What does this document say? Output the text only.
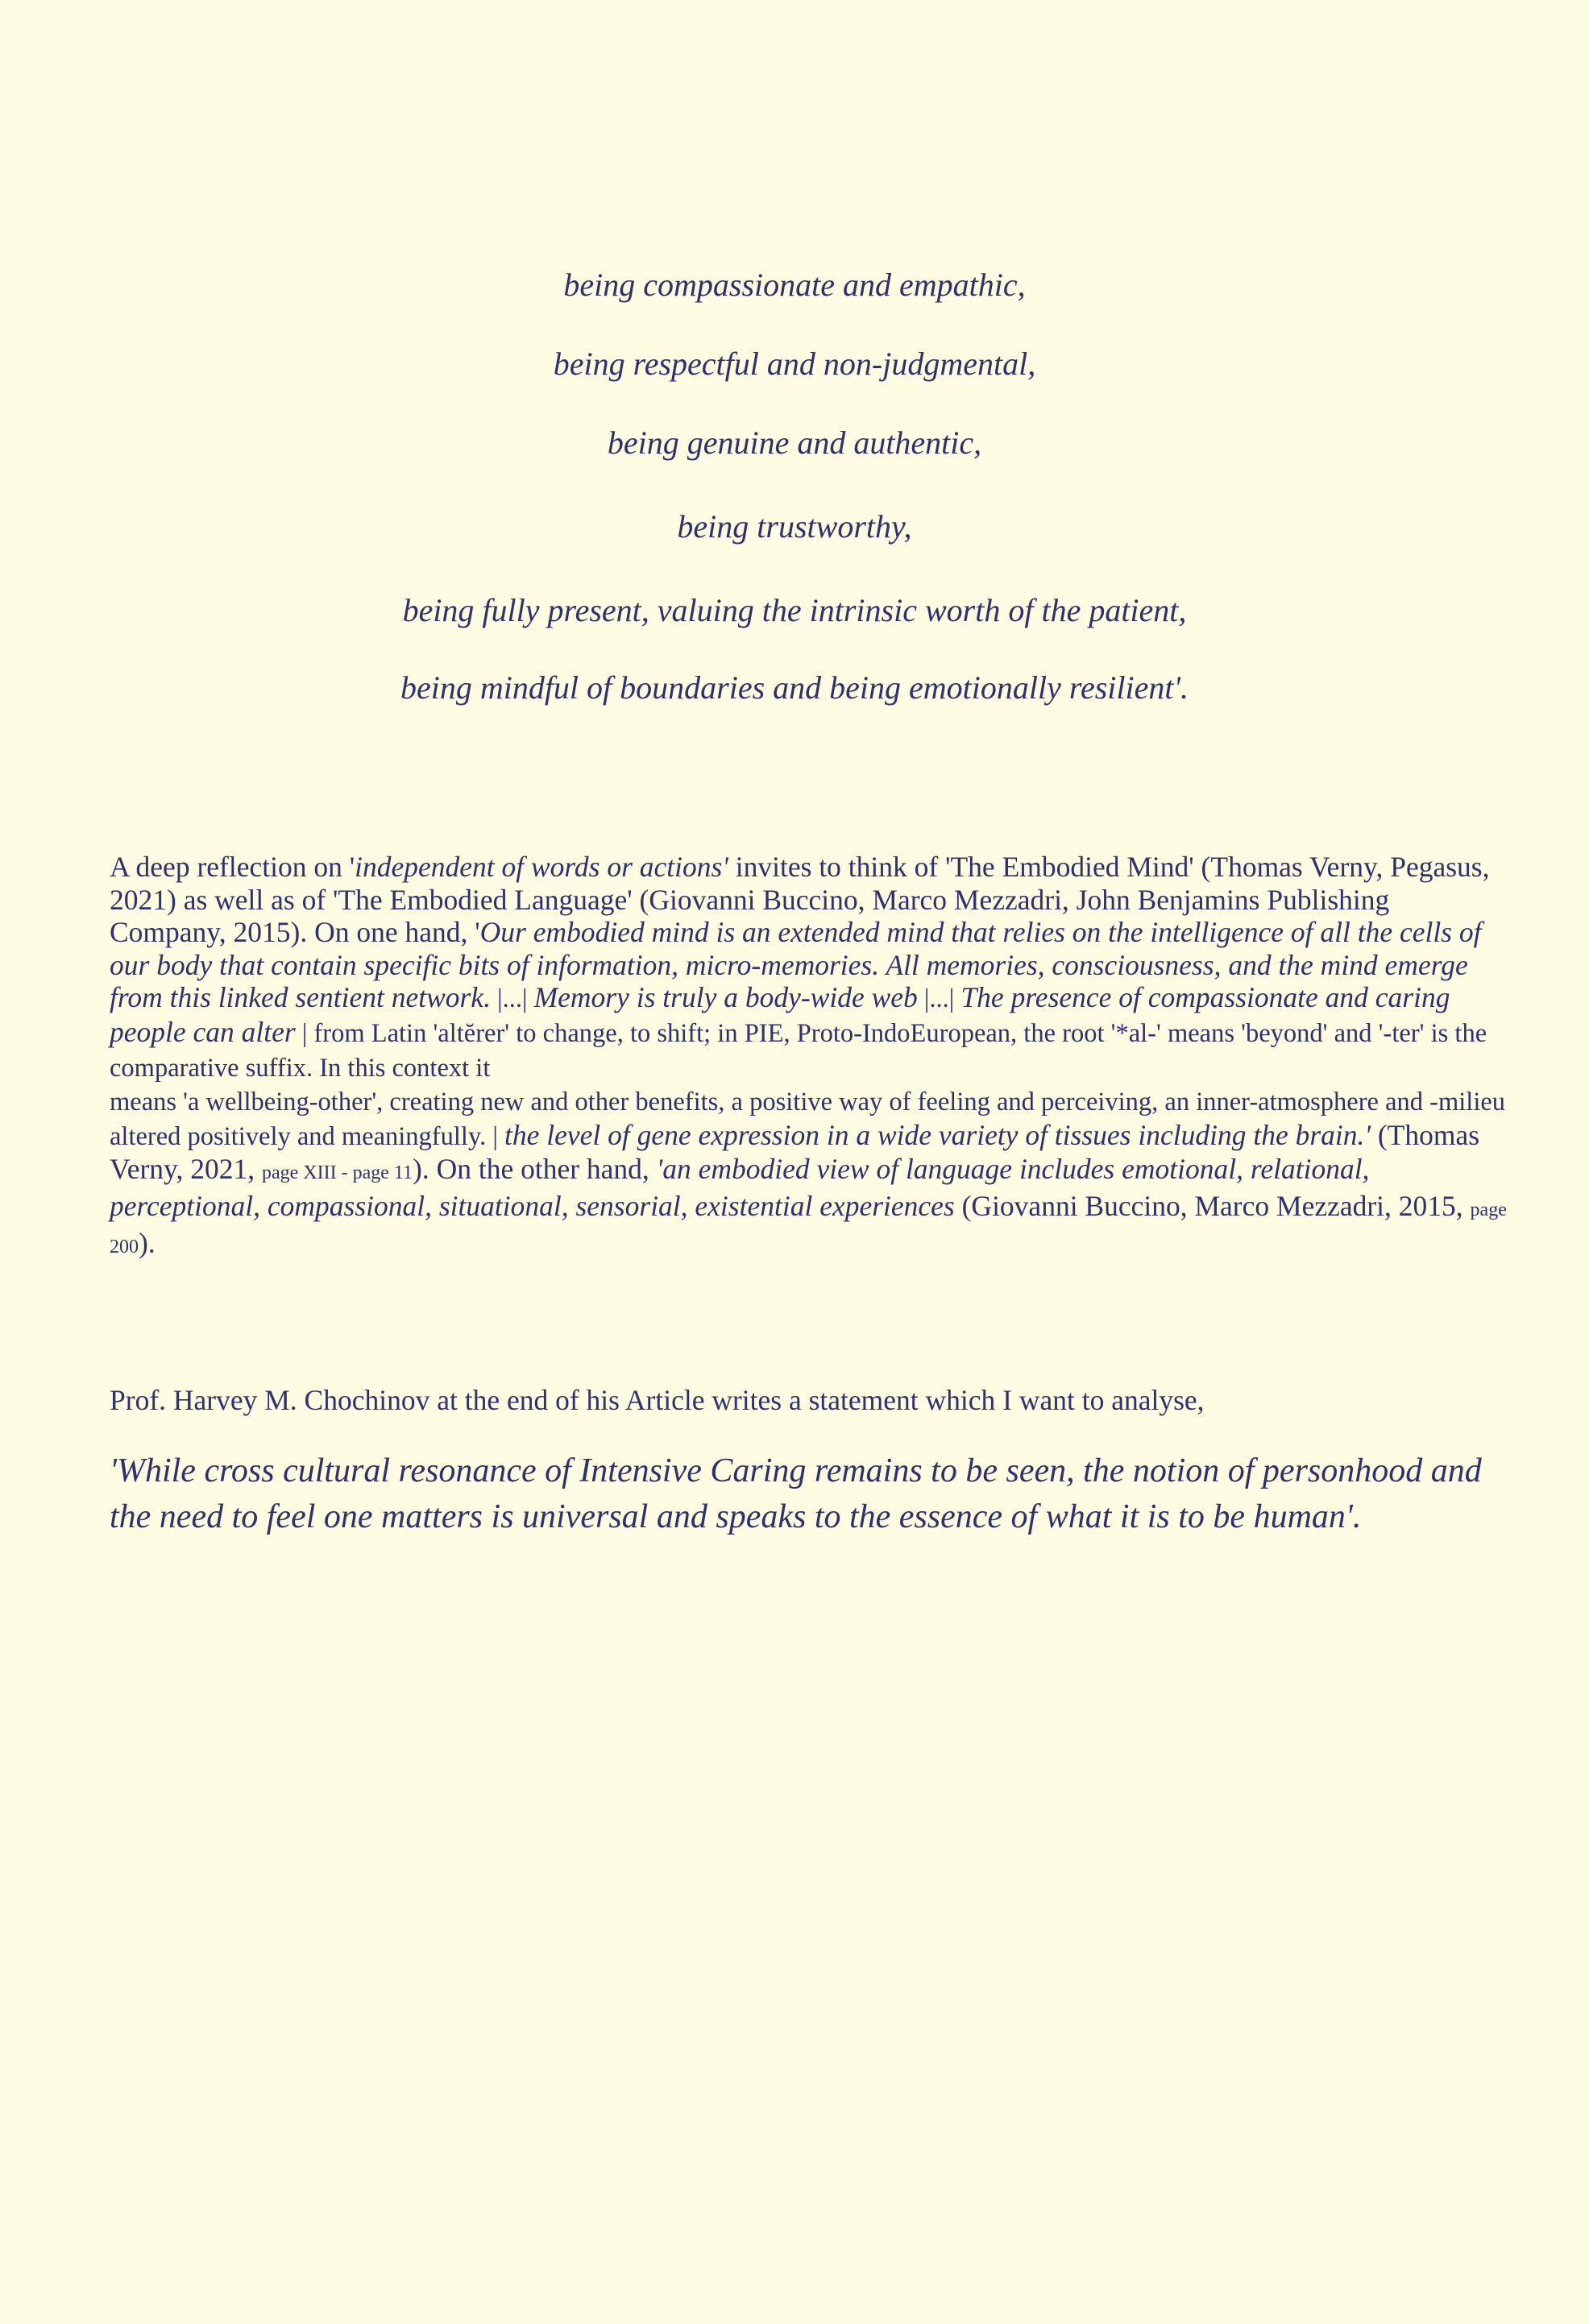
being compassionate and empathic,
being respectful and non-judgmental,
being genuine and authentic,
being trustworthy,
being fully present, valuing the intrinsic worth of the patient,
being mindful of boundaries and being emotionally resilient'.

A deep reflection on 'independent of words or actions' invites to think of 'The Embodied Mind' (Thomas Verny, Pegasus, 2021) as well as of 'The Embodied Language' (Giovanni Buccino, Marco Mezzadri, John Benjamins Publishing Company, 2015). On one hand, 'Our embodied mind is an extended mind that relies on the intelligence of all the cells of our body that contain specific bits of information, micro-memories. All memories, consciousness, and the mind emerge from this linked sentient network. |...| Memory is truly a body-wide web |...| The presence of compassionate and caring people can alter | from Latin 'altĕrer' to change, to shift; in PIE, Proto-IndoEuropean, the root '*al-' means 'beyond' and '-ter' is the comparative suffix. In this context it
means 'a wellbeing-other', creating new and other benefits, a positive way of feeling and perceiving, an inner-atmosphere and -milieu altered positively and meaningfully. | the level of gene expression in a wide variety of tissues including the brain.' (Thomas Verny, 2021, page XIII - page 11). On the other hand, 'an embodied view of language includes emotional, relational, perceptional, compassional, situational, sensorial, existential experiences (Giovanni Buccino, Marco Mezzadri, 2015, page 200).

Prof. Harvey M. Chochinov at the end of his Article writes a statement which I want to analyse,

'While cross cultural resonance of Intensive Caring remains to be seen, the notion of personhood and the need to feel one matters is universal and speaks to the essence of what it is to be human'.
